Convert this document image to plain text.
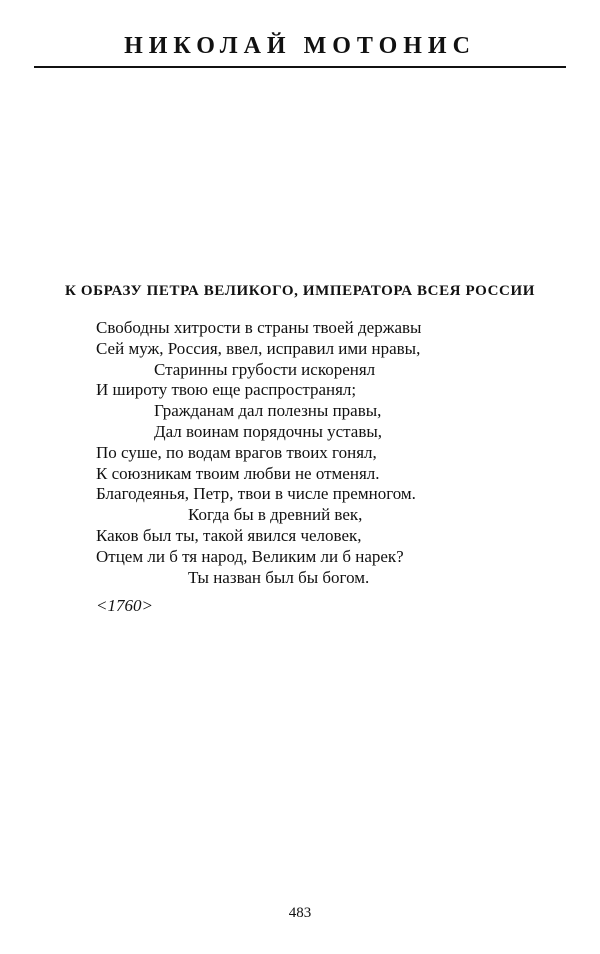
НИКОЛАЙ МОТОНИС
К ОБРАЗУ ПЕТРА ВЕЛИКОГО, ИМПЕРАТОРА ВСЕЯ РОССИИ
Свободны хитрости в страны твоей державы
Сей муж, Россия, ввел, исправил ими нравы,
Старинны грубости искоренял
И широту твою еще распространял;
Гражданам дал полезны правы,
Дал воинам порядочны уставы,
По суше, по водам врагов твоих гонял,
К союзникам твоим любви не отменял.
Благодеянья, Петр, твои в числе премногом.
Когда бы в древний век,
Каков был ты, такой явился человек,
Отцем ли б тя народ, Великим ли б нарек?
Ты назван был бы богом.
<1760>
483
